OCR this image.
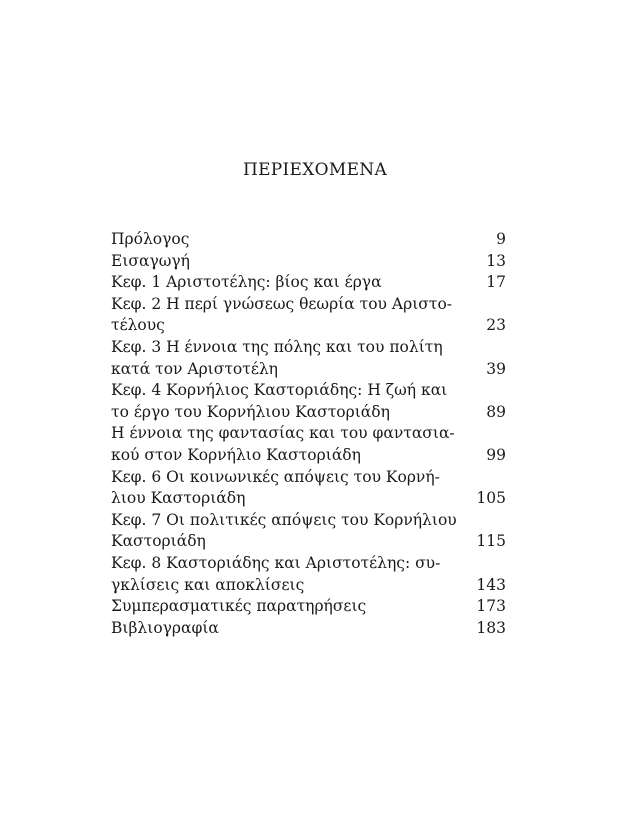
ΠΕΡΙΕΧΟΜΕΝΑ
Πρόλογος	9
Εισαγωγή	13
Κεφ. 1 Αριστοτέλης: βίος και έργα	17
Κεφ. 2 Η περί γνώσεως θεωρία του Αριστο-
τέλους	23
Κεφ. 3 Η έννοια της πόλης και του πολίτη
κατά τον Αριστοτέλη	39
Κεφ. 4 Κορνήλιος Καστοριάδης: Η ζωή και
το έργο του Κορνήλιου Καστοριάδη	89
Η έννοια της φαντασίας και του φαντασια-
κού στον Κορνήλιο Καστοριάδη	99
Κεφ. 6 Οι κοινωνικές απόψεις του Κορνή-
λιου Καστοριάδη	105
Κεφ. 7 Οι πολιτικές απόψεις του Κορνήλιου
Καστοριάδη	115
Κεφ. 8 Καστοριάδης και Αριστοτέλης: συ-
γκλίσεις και αποκλίσεις	143
Συμπερασματικές παρατηρήσεις	173
Βιβλιογραφία	183
